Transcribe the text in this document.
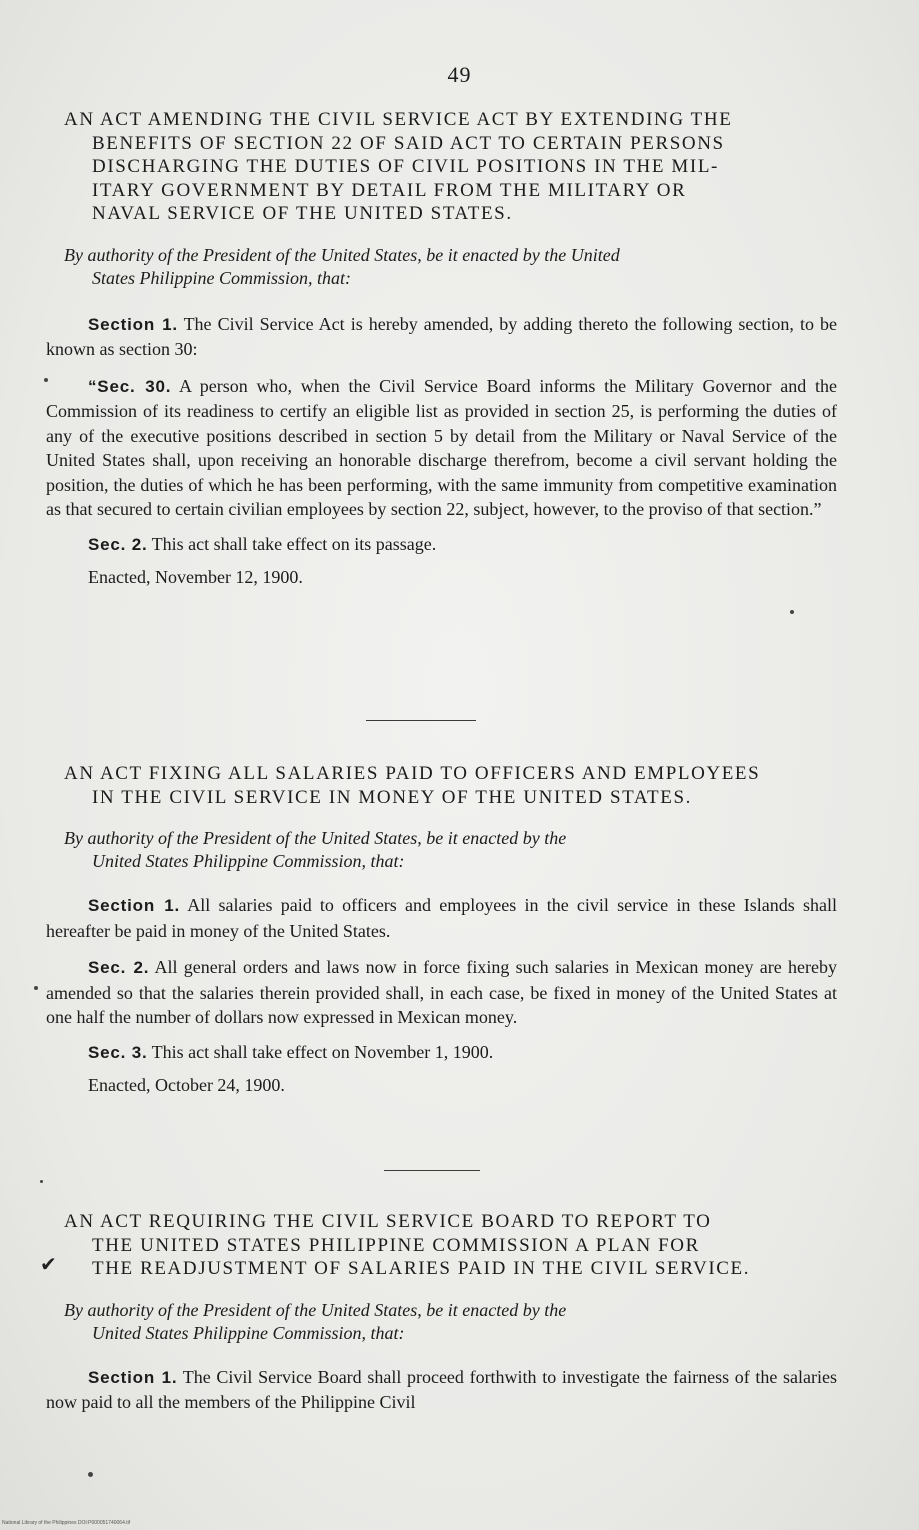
49
AN ACT AMENDING THE CIVIL SERVICE ACT BY EXTENDING THE
BENEFITS OF SECTION 22 OF SAID ACT TO CERTAIN PERSONS
DISCHARGING THE DUTIES OF CIVIL POSITIONS IN THE MIL-
ITARY GOVERNMENT BY DETAIL FROM THE MILITARY OR
NAVAL SERVICE OF THE UNITED STATES.
By authority of the President of the United States, be it enacted by the United
States Philippine Commission, that:

Section 1. The Civil Service Act is hereby amended, by adding thereto the following section, to be known as section 30:

“Sec. 30. A person who, when the Civil Service Board informs the Military Governor and the Commission of its readiness to certify an eligible list as provided in section 25, is performing the duties of any of the executive positions described in section 5 by detail from the Military or Naval Service of the United States shall, upon receiving an honorable discharge therefrom, become a civil servant holding the position, the duties of which he has been performing, with the same immunity from competitive examination as that secured to certain civilian employees by section 22, subject, however, to the proviso of that section.”

Sec. 2. This act shall take effect on its passage.

Enacted, November 12, 1900.

AN ACT FIXING ALL SALARIES PAID TO OFFICERS AND EMPLOYEES
IN THE CIVIL SERVICE IN MONEY OF THE UNITED STATES.
By authority of the President of the United States, be it enacted by the
United States Philippine Commission, that:

Section 1. All salaries paid to officers and employees in the civil service in these Islands shall hereafter be paid in money of the United States.

Sec. 2. All general orders and laws now in force fixing such salaries in Mexican money are hereby amended so that the salaries therein provided shall, in each case, be fixed in money of the United States at one half the number of dollars now expressed in Mexican money.

Sec. 3. This act shall take effect on November 1, 1900.

Enacted, October 24, 1900.

AN ACT REQUIRING THE CIVIL SERVICE BOARD TO REPORT TO
THE UNITED STATES PHILIPPINE COMMISSION A PLAN FOR
THE READJUSTMENT OF SALARIES PAID IN THE CIVIL SERVICE.
By authority of the President of the United States, be it enacted by the
United States Philippine Commission, that:

Section 1. The Civil Service Board shall proceed forthwith to investigate the fairness of the salaries now paid to all the members of the Philippine Civil

✔
National Library of the Philippines DOI:P000051740064.tif
